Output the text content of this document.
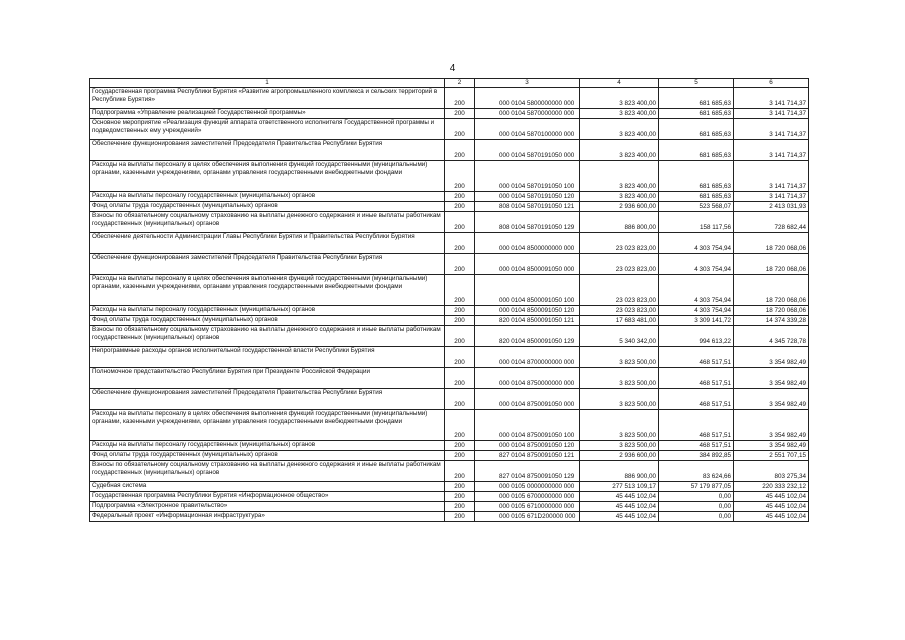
4
1	2	3	4	5	6
Государственная программа Республики Бурятия «Развитие агропромышленного комплекса и сельских территорий в Республике Бурятия»	200	000 0104 5800000000 000	3 823 400,00	681 685,63	3 141 714,37
Подпрограмма «Управление реализацией Государственной программы»	200	000 0104 5870000000 000	3 823 400,00	681 685,63	3 141 714,37
Основное мероприятие «Реализация функций аппарата ответственного исполнителя Государственной программы и подведомственных ему учреждений»	200	000 0104 5870100000 000	3 823 400,00	681 685,63	3 141 714,37
Обеспечение функционирования заместителей Председателя Правительства Республики Бурятия	200	000 0104 5870191050 000	3 823 400,00	681 685,63	3 141 714,37
Расходы на выплаты персоналу в целях обеспечения выполнения функций государственными (муниципальными) органами, казенными учреждениями, органами управления государственными внебюджетными фондами	200	000 0104 5870191050 100	3 823 400,00	681 685,63	3 141 714,37
Расходы на выплаты персоналу государственных (муниципальных) органов	200	000 0104 5870191050 120	3 823 400,00	681 685,63	3 141 714,37
Фонд оплаты труда государственных (муниципальных) органов	200	808 0104 5870191050 121	2 936 600,00	523 568,07	2 413 031,93
Взносы по обязательному социальному страхованию на выплаты денежного содержания и иные выплаты работникам государственных (муниципальных) органов	200	808 0104 5870191050 129	886 800,00	158 117,56	728 682,44
Обеспечение деятельности Администрации Главы Республики Бурятия и Правительства Республики Бурятия	200	000 0104 8500000000 000	23 023 823,00	4 303 754,94	18 720 068,06
Обеспечение функционирования заместителей Председателя Правительства Республики Бурятия	200	000 0104 8500091050 000	23 023 823,00	4 303 754,94	18 720 068,06
Расходы на выплаты персоналу в целях обеспечения выполнения функций государственными (муниципальными) органами, казенными учреждениями, органами управления государственными внебюджетными фондами	200	000 0104 8500091050 100	23 023 823,00	4 303 754,94	18 720 068,06
Расходы на выплаты персоналу государственных (муниципальных) органов	200	000 0104 8500091050 120	23 023 823,00	4 303 754,94	18 720 068,06
Фонд оплаты труда государственных (муниципальных) органов	200	820 0104 8500091050 121	17 683 481,00	3 309 141,72	14 374 339,28
Взносы по обязательному социальному страхованию на выплаты денежного содержания и иные выплаты работникам государственных (муниципальных) органов	200	820 0104 8500091050 129	5 340 342,00	994 613,22	4 345 728,78
Непрограммные расходы органов исполнительной государственной власти Республики Бурятия	200	000 0104 8700000000 000	3 823 500,00	468 517,51	3 354 982,49
Полномочное представительство Республики Бурятия при Президенте Российской Федерации	200	000 0104 8750000000 000	3 823 500,00	468 517,51	3 354 982,49
Обеспечение функционирования заместителей Председателя Правительства Республики Бурятия	200	000 0104 8750091050 000	3 823 500,00	468 517,51	3 354 982,49
Расходы на выплаты персоналу в целях обеспечения выполнения функций государственными (муниципальными) органами, казенными учреждениями, органами управления государственными внебюджетными фондами	200	000 0104 8750091050 100	3 823 500,00	468 517,51	3 354 982,49
Расходы на выплаты персоналу государственных (муниципальных) органов	200	000 0104 8750091050 120	3 823 500,00	468 517,51	3 354 982,49
Фонд оплаты труда государственных (муниципальных) органов	200	827 0104 8750091050 121	2 936 600,00	384 892,85	2 551 707,15
Взносы по обязательному социальному страхованию на выплаты денежного содержания и иные выплаты работникам государственных (муниципальных) органов	200	827 0104 8750091050 129	886 900,00	83 624,66	803 275,34
Судебная система	200	000 0105 0000000000 000	277 513 109,17	57 179 877,05	220 333 232,12
Государственная программа Республики Бурятия «Информационное общество»	200	000 0105 6700000000 000	45 445 102,04	0,00	45 445 102,04
Подпрограмма «Электронное правительство»	200	000 0105 6710000000 000	45 445 102,04	0,00	45 445 102,04
Федеральный проект «Информационная инфраструктура»	200	000 0105 671D200000 000	45 445 102,04	0,00	45 445 102,04
